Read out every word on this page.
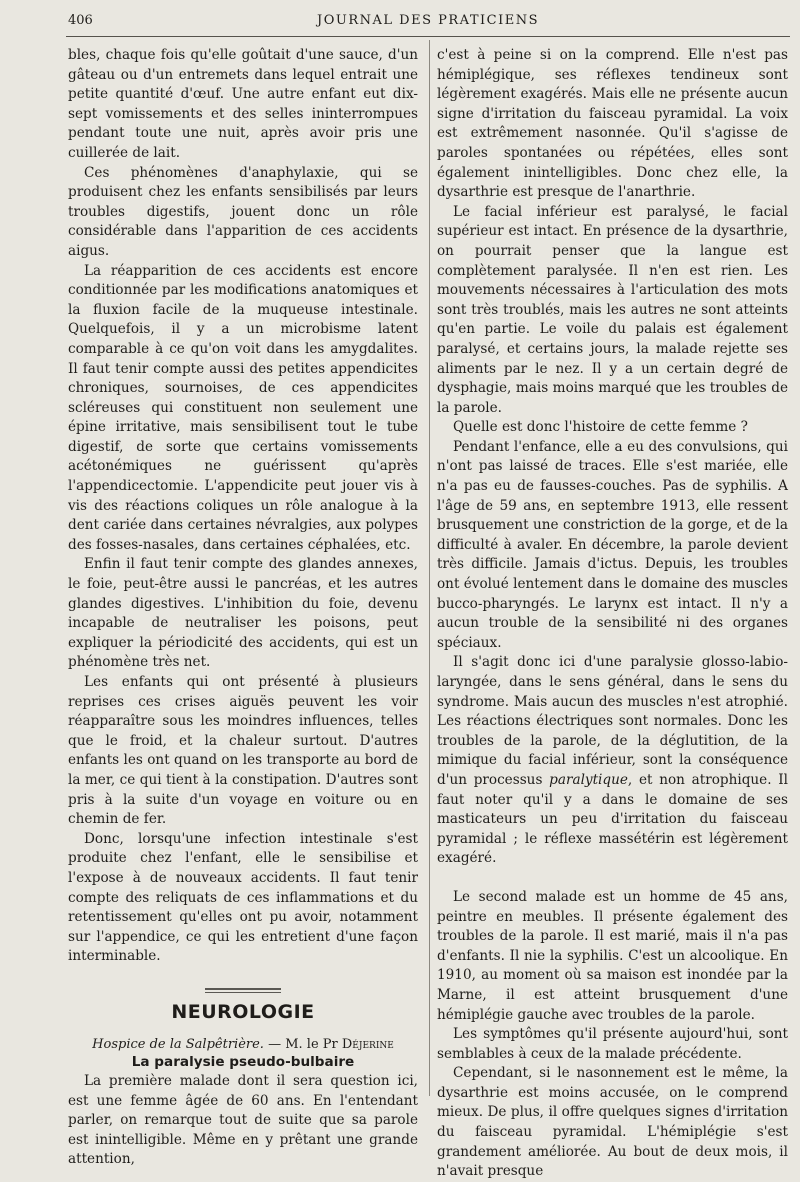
406	JOURNAL DES PRATICIENS

bles, chaque fois qu'elle goûtait d'une sauce, d'un gâteau ou d'un entremets dans lequel entrait une petite quantité d'œuf. Une autre enfant eut dix-sept vomissements et des selles ininterrompues pendant toute une nuit, après avoir pris une cuillerée de lait.

Ces phénomènes d'anaphylaxie, qui se produisent chez les enfants sensibilisés par leurs troubles digestifs, jouent donc un rôle considérable dans l'apparition de ces accidents aigus.

La réapparition de ces accidents est encore conditionnée par les modifications anatomiques et la fluxion facile de la muqueuse intestinale. Quelquefois, il y a un microbisme latent comparable à ce qu'on voit dans les amygdalites. Il faut tenir compte aussi des petites appendicites chroniques, sournoises, de ces appendicites scléreuses qui constituent non seulement une épine irritative, mais sensibilisent tout le tube digestif, de sorte que certains vomissements acétonémiques ne guérissent qu'après l'appendicectomie. L'appendicite peut jouer vis à vis des réactions coliques un rôle analogue à la dent cariée dans certaines névralgies, aux polypes des fosses-nasales, dans certaines céphalées, etc.

Enfin il faut tenir compte des glandes annexes, le foie, peut-être aussi le pancréas, et les autres glandes digestives. L'inhibition du foie, devenu incapable de neutraliser les poisons, peut expliquer la périodicité des accidents, qui est un phénomène très net.

Les enfants qui ont présenté à plusieurs reprises ces crises aiguës peuvent les voir réapparaître sous les moindres influences, telles que le froid, et la chaleur surtout. D'autres enfants les ont quand on les transporte au bord de la mer, ce qui tient à la constipation. D'autres sont pris à la suite d'un voyage en voiture ou en chemin de fer.

Donc, lorsqu'une infection intestinale s'est produite chez l'enfant, elle le sensibilise et l'expose à de nouveaux accidents. Il faut tenir compte des reliquats de ces inflammations et du retentissement qu'elles ont pu avoir, notamment sur l'appendice, ce qui les entretient d'une façon interminable.

NEUROLOGIE
Hospice de la Salpêtrière. — M. le Pr Déjerine
La paralysie pseudo-bulbaire

La première malade dont il sera question ici, est une femme âgée de 60 ans. En l'entendant parler, on remarque tout de suite que sa parole est inintelligible. Même en y prêtant une grande attention,

c'est à peine si on la comprend. Elle n'est pas hémiplégique, ses réflexes tendineux sont légèrement exagérés. Mais elle ne présente aucun signe d'irritation du faisceau pyramidal. La voix est extrêmement nasonnée. Qu'il s'agisse de paroles spontanées ou répétées, elles sont également inintelligibles. Donc chez elle, la dysarthrie est presque de l'anarthrie.

Le facial inférieur est paralysé, le facial supérieur est intact. En présence de la dysarthrie, on pourrait penser que la langue est complètement paralysée. Il n'en est rien. Les mouvements nécessaires à l'articulation des mots sont très troublés, mais les autres ne sont atteints qu'en partie. Le voile du palais est également paralysé, et certains jours, la malade rejette ses aliments par le nez. Il y a un certain degré de dysphagie, mais moins marqué que les troubles de la parole.

Quelle est donc l'histoire de cette femme ?

Pendant l'enfance, elle a eu des convulsions, qui n'ont pas laissé de traces. Elle s'est mariée, elle n'a pas eu de fausses-couches. Pas de syphilis. A l'âge de 59 ans, en septembre 1913, elle ressent brusquement une constriction de la gorge, et de la difficulté à avaler. En décembre, la parole devient très difficile. Jamais d'ictus. Depuis, les troubles ont évolué lentement dans le domaine des muscles bucco-pharyngés. Le larynx est intact. Il n'y a aucun trouble de la sensibilité ni des organes spéciaux.

Il s'agit donc ici d'une paralysie glosso-labio-laryngée, dans le sens général, dans le sens du syndrome. Mais aucun des muscles n'est atrophié. Les réactions électriques sont normales. Donc les troubles de la parole, de la déglutition, de la mimique du facial inférieur, sont la conséquence d'un processus paralytique, et non atrophique. Il faut noter qu'il y a dans le domaine de ses masticateurs un peu d'irritation du faisceau pyramidal ; le réflexe massétérin est légèrement exagéré.

Le second malade est un homme de 45 ans, peintre en meubles. Il présente également des troubles de la parole. Il est marié, mais il n'a pas d'enfants. Il nie la syphilis. C'est un alcoolique. En 1910, au moment où sa maison est inondée par la Marne, il est atteint brusquement d'une hémiplégie gauche avec troubles de la parole.

Les symptômes qu'il présente aujourd'hui, sont semblables à ceux de la malade précédente.

Cependant, si le nasonnement est le même, la dysarthrie est moins accusée, on le comprend mieux. De plus, il offre quelques signes d'irritation du faisceau pyramidal. L'hémiplégie s'est grandement améliorée. Au bout de deux mois, il n'avait presque
